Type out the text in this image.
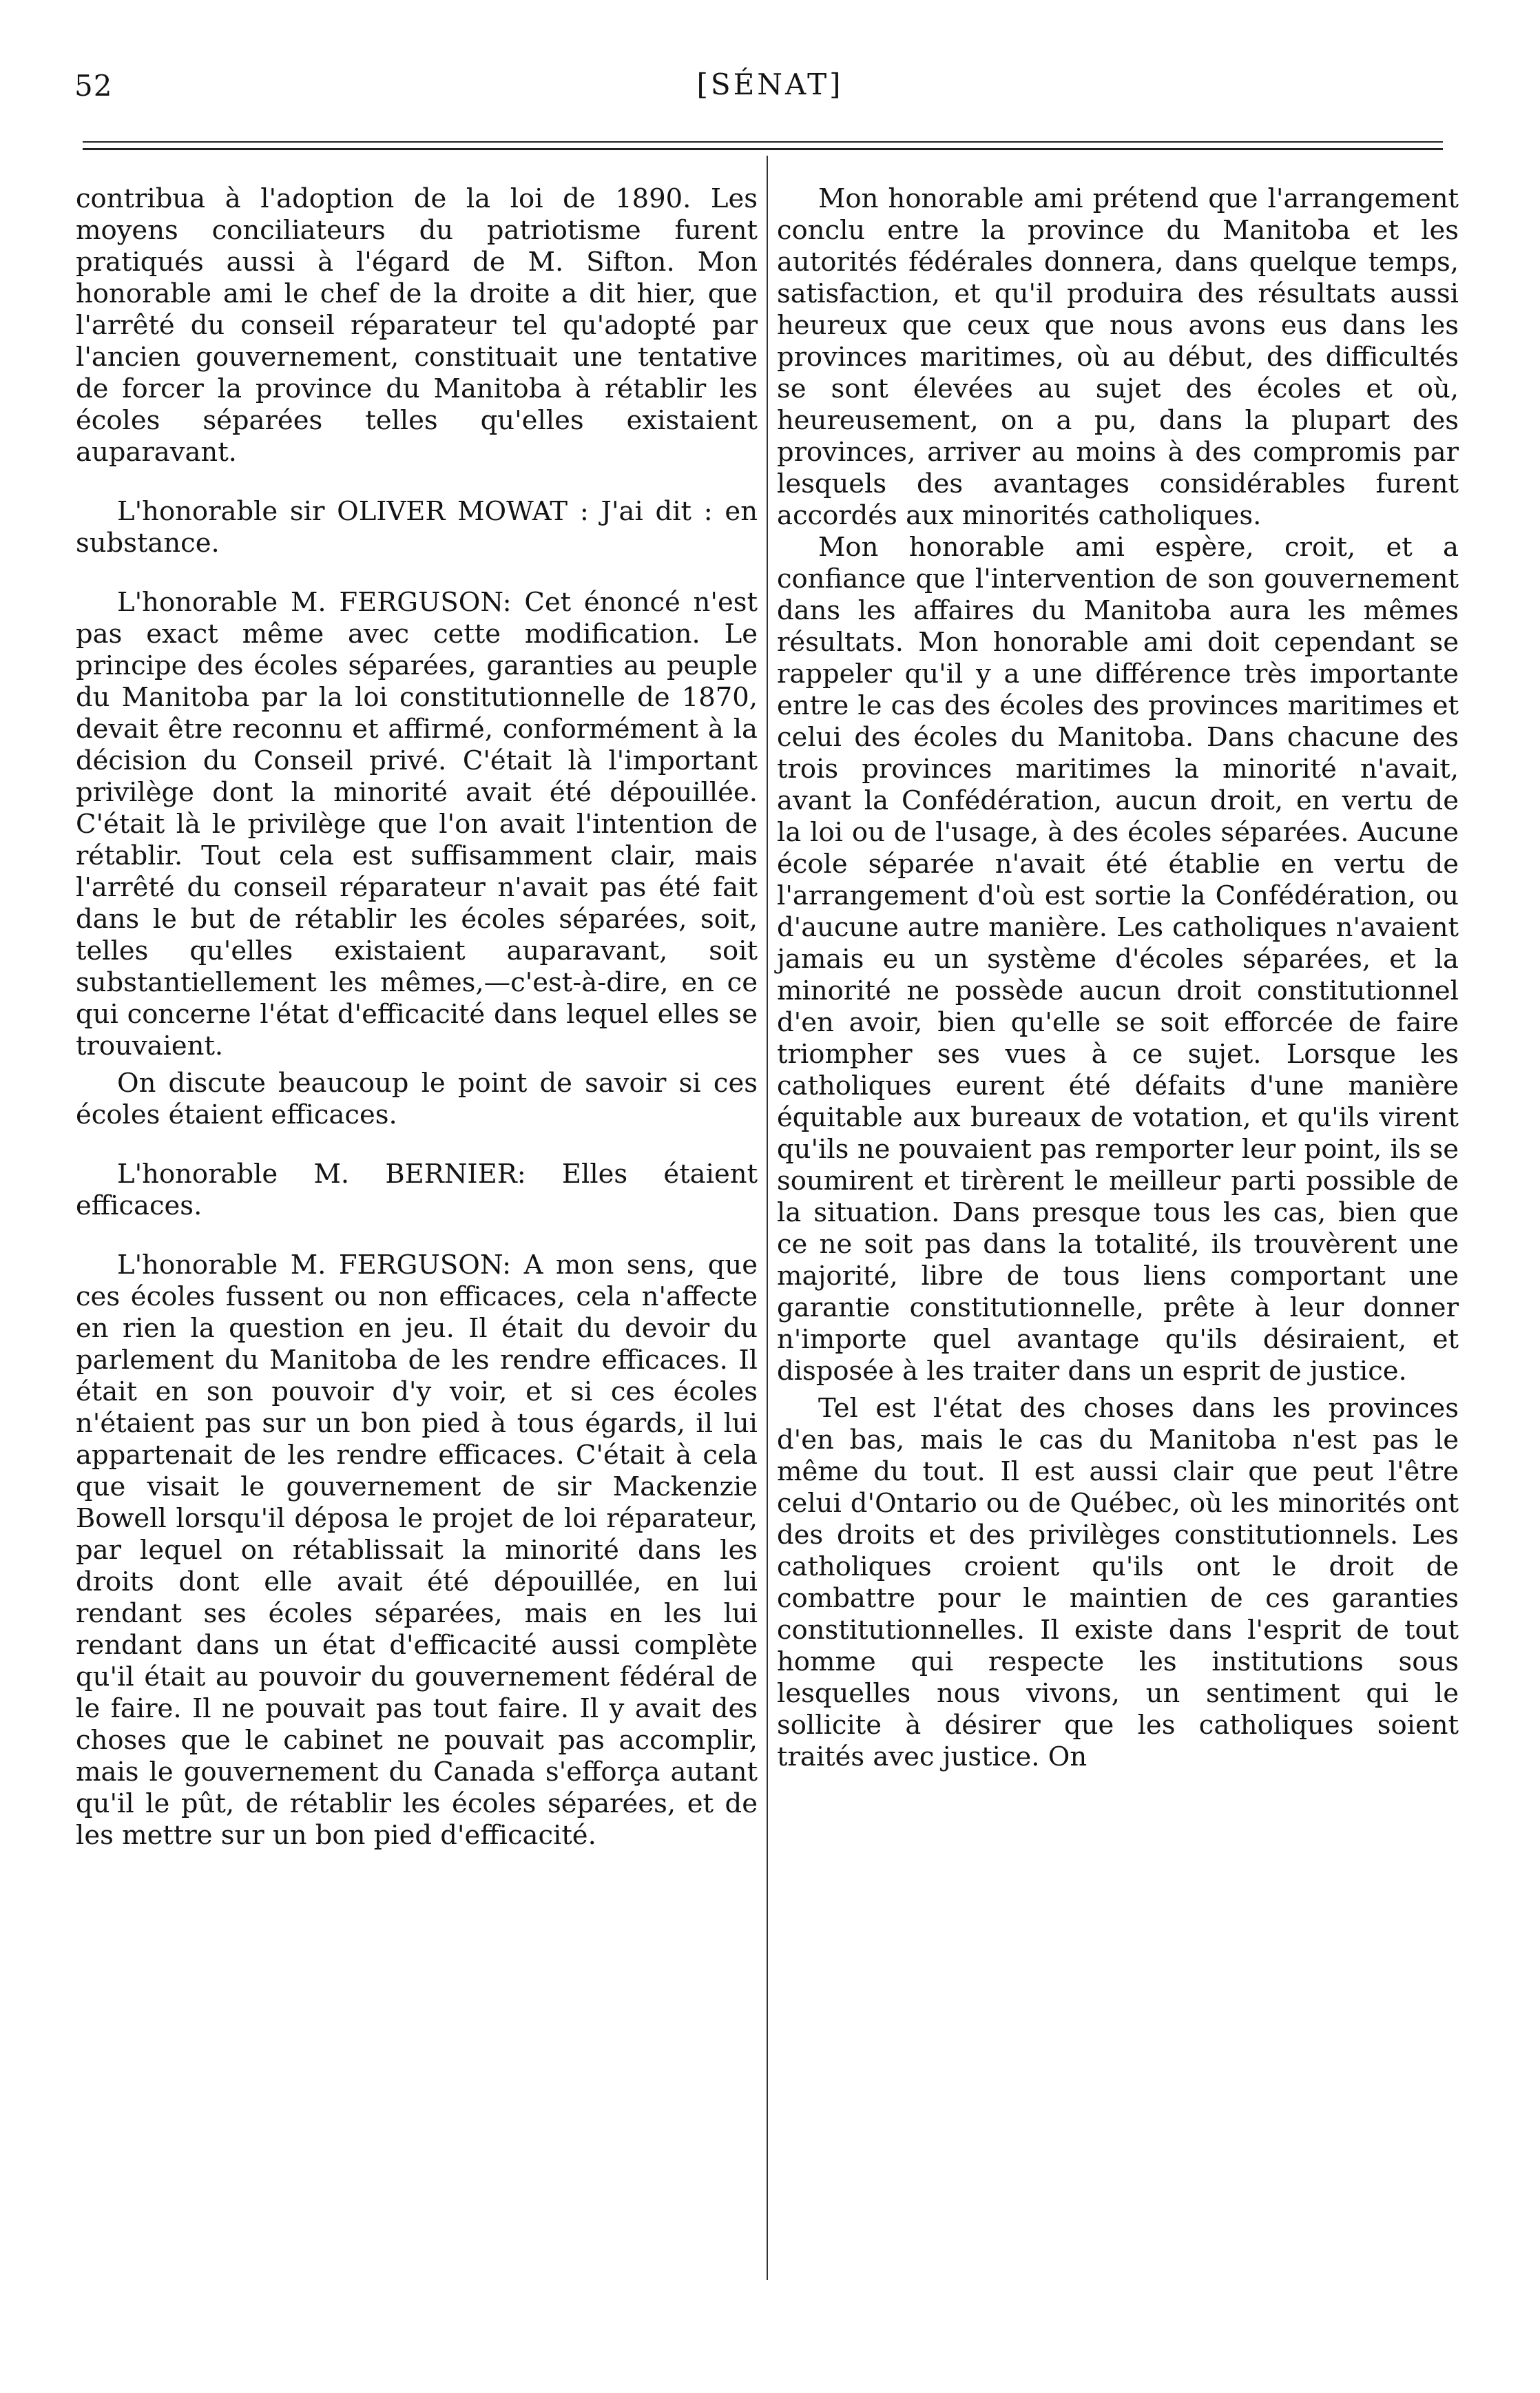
52	[SÉNAT]

contribua à l'adoption de la loi de 1890. Les moyens conciliateurs du patriotisme furent pratiqués aussi à l'égard de M. Sifton. Mon honorable ami le chef de la droite a dit hier, que l'arrêté du conseil réparateur tel qu'adopté par l'ancien gouvernement, constituait une tentative de forcer la province du Manitoba à rétablir les écoles séparées telles qu'elles existaient auparavant.

L'honorable sir OLIVER MOWAT : J'ai dit : en substance.

L'honorable M. FERGUSON: Cet énoncé n'est pas exact même avec cette modification. Le principe des écoles séparées, garanties au peuple du Manitoba par la loi constitutionnelle de 1870, devait être reconnu et affirmé, conformément à la décision du Conseil privé. C'était là l'important privilège dont la minorité avait été dépouillée. C'était là le privilège que l'on avait l'intention de rétablir. Tout cela est suffisamment clair, mais l'arrêté du conseil réparateur n'avait pas été fait dans le but de rétablir les écoles séparées, soit, telles qu'elles existaient auparavant, soit substantiellement les mêmes,—c'est-à-dire, en ce qui concerne l'état d'efficacité dans lequel elles se trouvaient.

On discute beaucoup le point de savoir si ces écoles étaient efficaces.

L'honorable M. BERNIER: Elles étaient efficaces.

L'honorable M. FERGUSON: A mon sens, que ces écoles fussent ou non efficaces, cela n'affecte en rien la question en jeu. Il était du devoir du parlement du Manitoba de les rendre efficaces. Il était en son pouvoir d'y voir, et si ces écoles n'étaient pas sur un bon pied à tous égards, il lui appartenait de les rendre efficaces. C'était à cela que visait le gouvernement de sir Mackenzie Bowell lorsqu'il déposa le projet de loi réparateur, par lequel on rétablissait la minorité dans les droits dont elle avait été dépouillée, en lui rendant ses écoles séparées, mais en les lui rendant dans un état d'efficacité aussi complète qu'il était au pouvoir du gouvernement fédéral de le faire. Il ne pouvait pas tout faire. Il y avait des choses que le cabinet ne pouvait pas accomplir, mais le gouvernement du Canada s'efforça autant qu'il le pût, de rétablir les écoles séparées, et de les mettre sur un bon pied d'efficacité.

Mon honorable ami prétend que l'arrangement conclu entre la province du Manitoba et les autorités fédérales donnera, dans quelque temps, satisfaction, et qu'il produira des résultats aussi heureux que ceux que nous avons eus dans les provinces maritimes, où au début, des difficultés se sont élevées au sujet des écoles et où, heureusement, on a pu, dans la plupart des provinces, arriver au moins à des compromis par lesquels des avantages considérables furent accordés aux minorités catholiques.

Mon honorable ami espère, croit, et a confiance que l'intervention de son gouvernement dans les affaires du Manitoba aura les mêmes résultats. Mon honorable ami doit cependant se rappeler qu'il y a une différence très importante entre le cas des écoles des provinces maritimes et celui des écoles du Manitoba. Dans chacune des trois provinces maritimes la minorité n'avait, avant la Confédération, aucun droit, en vertu de la loi ou de l'usage, à des écoles séparées. Aucune école séparée n'avait été établie en vertu de l'arrangement d'où est sortie la Confédération, ou d'aucune autre manière. Les catholiques n'avaient jamais eu un système d'écoles séparées, et la minorité ne possède aucun droit constitutionnel d'en avoir, bien qu'elle se soit efforcée de faire triompher ses vues à ce sujet. Lorsque les catholiques eurent été défaits d'une manière équitable aux bureaux de votation, et qu'ils virent qu'ils ne pouvaient pas remporter leur point, ils se soumirent et tirèrent le meilleur parti possible de la situation. Dans presque tous les cas, bien que ce ne soit pas dans la totalité, ils trouvèrent une majorité, libre de tous liens comportant une garantie constitutionnelle, prête à leur donner n'importe quel avantage qu'ils désiraient, et disposée à les traiter dans un esprit de justice.

Tel est l'état des choses dans les provinces d'en bas, mais le cas du Manitoba n'est pas le même du tout. Il est aussi clair que peut l'être celui d'Ontario ou de Québec, où les minorités ont des droits et des privilèges constitutionnels. Les catholiques croient qu'ils ont le droit de combattre pour le maintien de ces garanties constitutionnelles. Il existe dans l'esprit de tout homme qui respecte les institutions sous lesquelles nous vivons, un sentiment qui le sollicite à désirer que les catholiques soient traités avec justice. On
